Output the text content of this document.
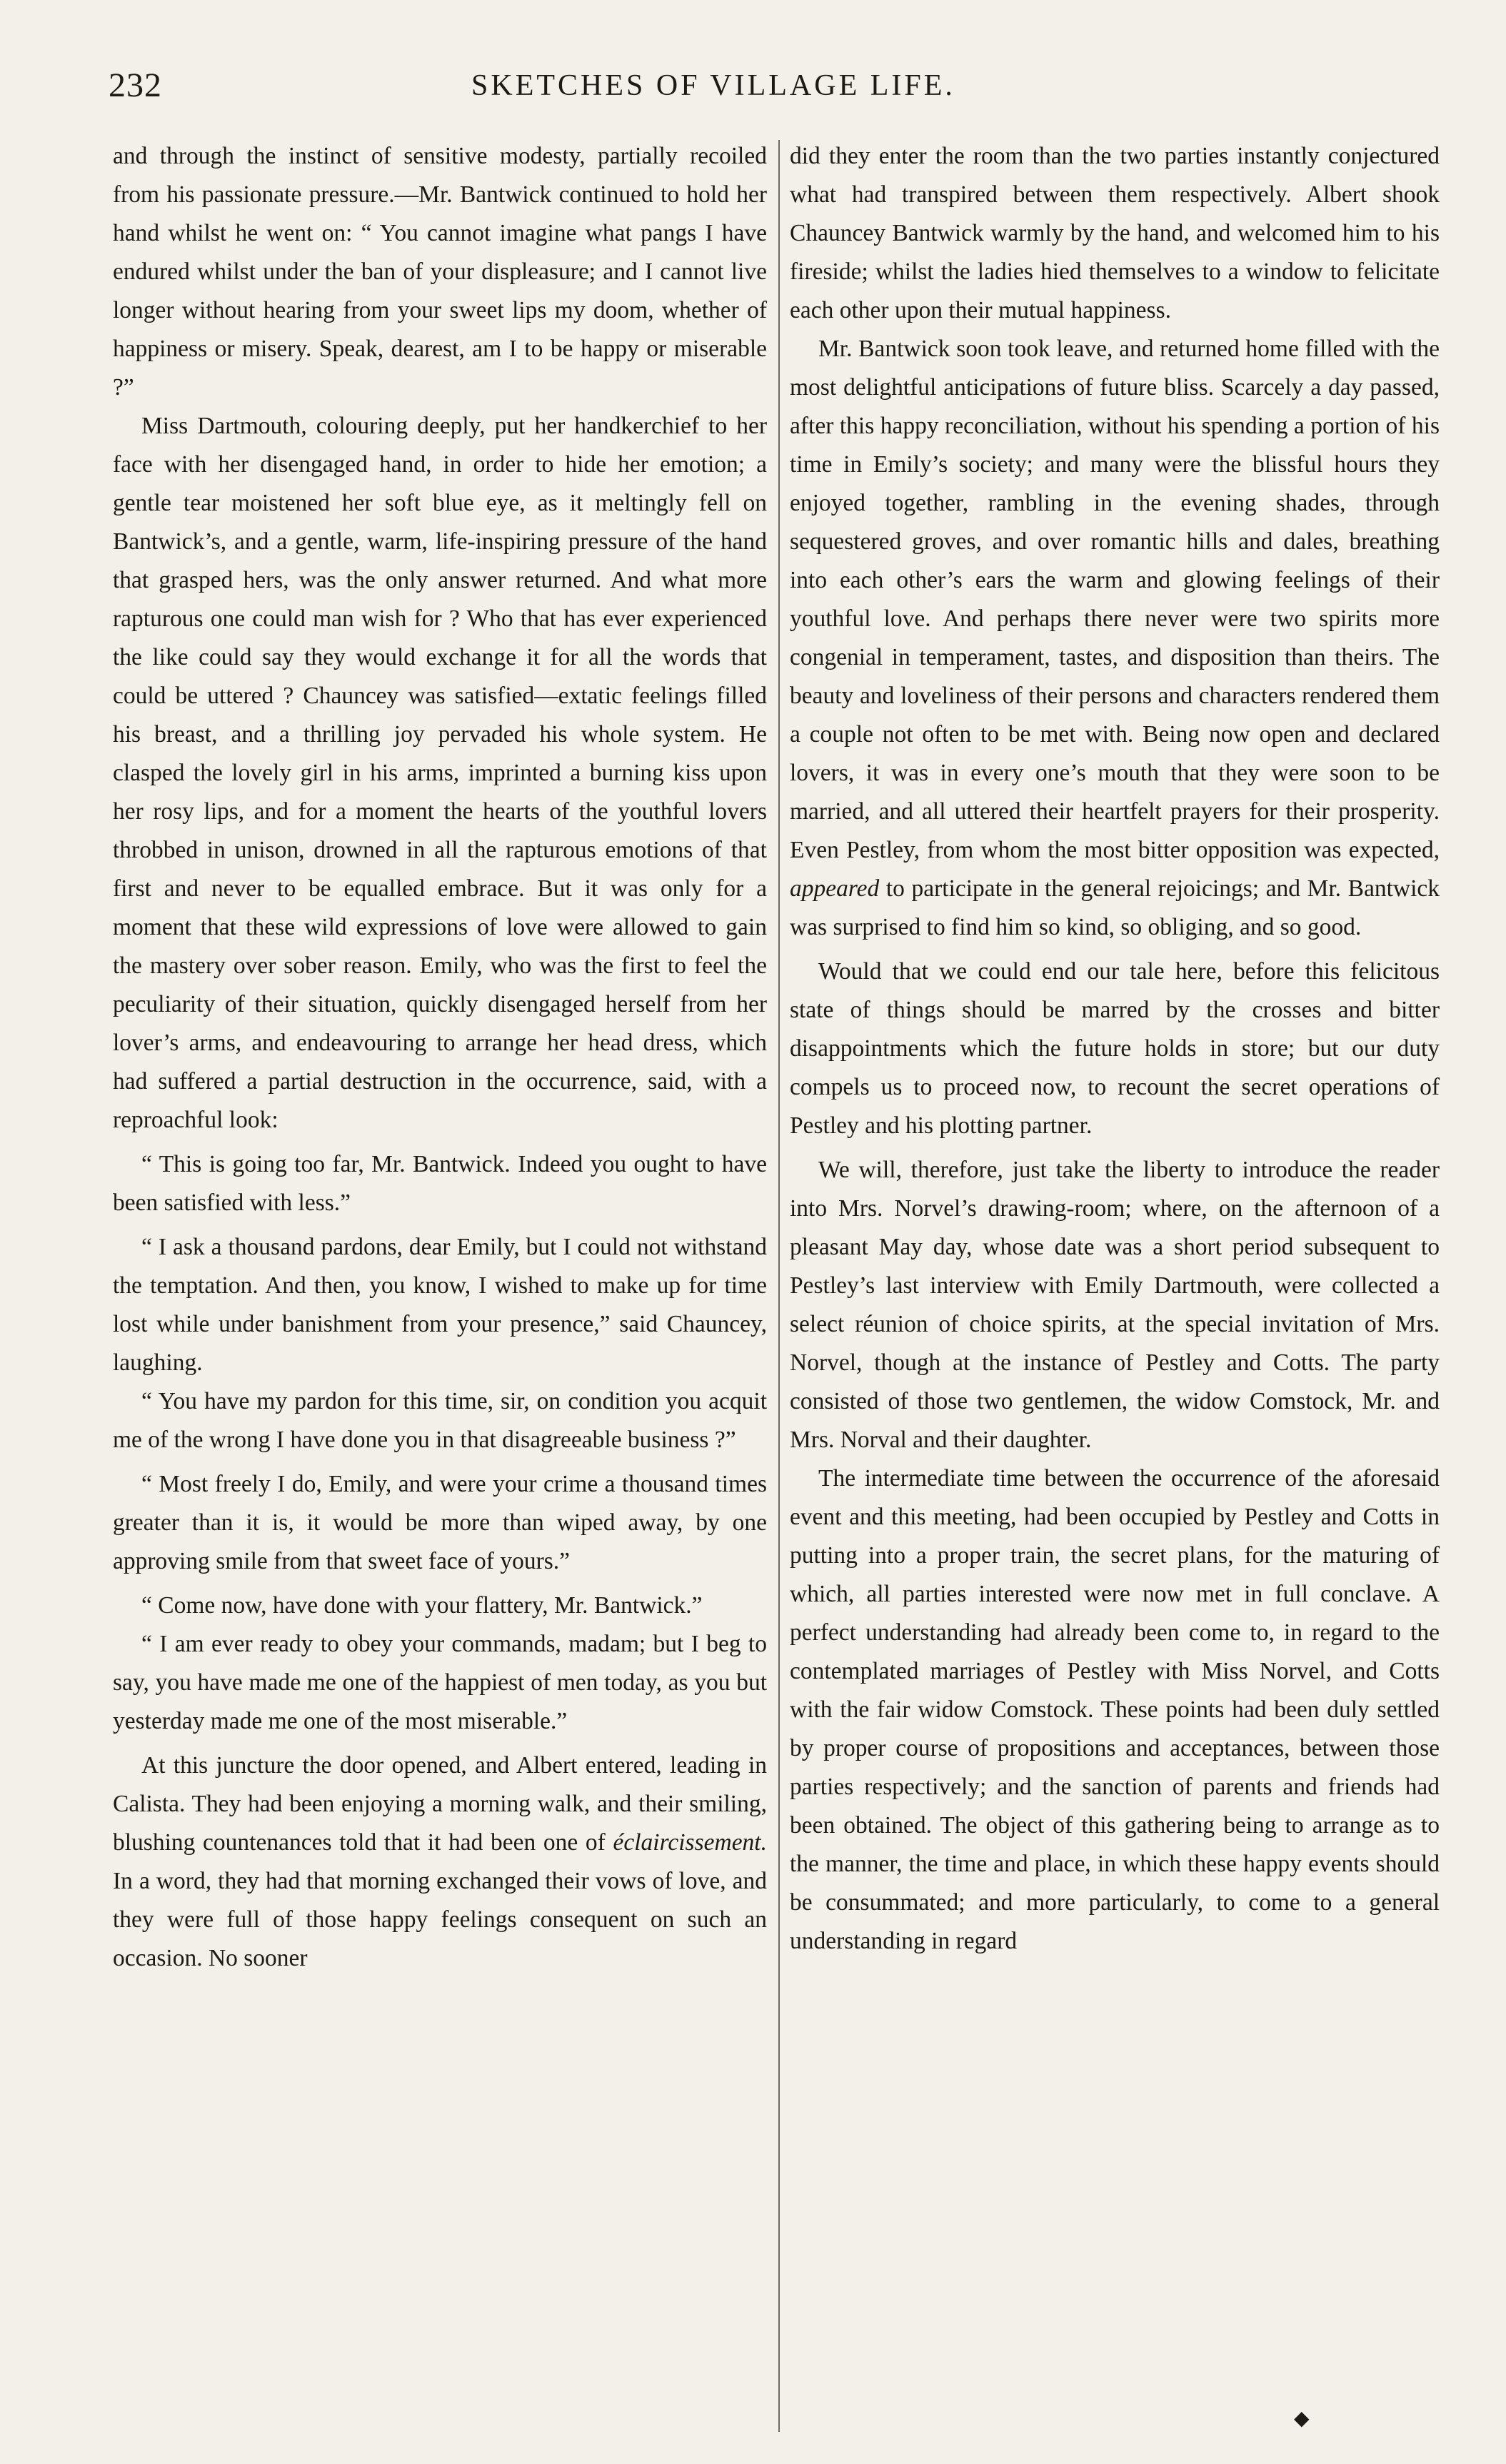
232	SKETCHES OF VILLAGE LIFE.

and through the instinct of sensitive modesty, partially recoiled from his passionate pressure.—Mr. Bantwick continued to hold her hand whilst he went on: “ You cannot imagine what pangs I have endured whilst under the ban of your displeasure; and I cannot live longer without hearing from your sweet lips my doom, whether of happiness or misery. Speak, dearest, am I to be happy or miserable ?”

Miss Dartmouth, colouring deeply, put her handkerchief to her face with her disengaged hand, in order to hide her emotion; a gentle tear moistened her soft blue eye, as it meltingly fell on Bantwick’s, and a gentle, warm, life-inspiring pressure of the hand that grasped hers, was the only answer returned. And what more rapturous one could man wish for ? Who that has ever experienced the like could say they would exchange it for all the words that could be uttered ? Chauncey was satisfied—extatic feelings filled his breast, and a thrilling joy pervaded his whole system. He clasped the lovely girl in his arms, imprinted a burning kiss upon her rosy lips, and for a moment the hearts of the youthful lovers throbbed in unison, drowned in all the rapturous emotions of that first and never to be equalled embrace. But it was only for a moment that these wild expressions of love were allowed to gain the mastery over sober reason. Emily, who was the first to feel the peculiarity of their situation, quickly disengaged herself from her lover’s arms, and endeavouring to arrange her head dress, which had suffered a partial destruction in the occurrence, said, with a reproachful look:

“ This is going too far, Mr. Bantwick. Indeed you ought to have been satisfied with less.”

“ I ask a thousand pardons, dear Emily, but I could not withstand the temptation. And then, you know, I wished to make up for time lost while under banishment from your presence,” said Chauncey, laughing.

“ You have my pardon for this time, sir, on condition you acquit me of the wrong I have done you in that disagreeable business ?”

“ Most freely I do, Emily, and were your crime a thousand times greater than it is, it would be more than wiped away, by one approving smile from that sweet face of yours.”

“ Come now, have done with your flattery, Mr. Bantwick.”

“ I am ever ready to obey your commands, madam; but I beg to say, you have made me one of the happiest of men today, as you but yesterday made me one of the most miserable.”

At this juncture the door opened, and Albert entered, leading in Calista. They had been enjoying a morning walk, and their smiling, blushing countenances told that it had been one of éclaircissement. In a word, they had that morning exchanged their vows of love, and they were full of those happy feelings consequent on such an occasion. No sooner

did they enter the room than the two parties instantly conjectured what had transpired between them respectively. Albert shook Chauncey Bantwick warmly by the hand, and welcomed him to his fireside; whilst the ladies hied themselves to a window to felicitate each other upon their mutual happiness.

Mr. Bantwick soon took leave, and returned home filled with the most delightful anticipations of future bliss. Scarcely a day passed, after this happy reconciliation, without his spending a portion of his time in Emily’s society; and many were the blissful hours they enjoyed together, rambling in the evening shades, through sequestered groves, and over romantic hills and dales, breathing into each other’s ears the warm and glowing feelings of their youthful love. And perhaps there never were two spirits more congenial in temperament, tastes, and disposition than theirs. The beauty and loveliness of their persons and characters rendered them a couple not often to be met with. Being now open and declared lovers, it was in every one’s mouth that they were soon to be married, and all uttered their heartfelt prayers for their prosperity. Even Pestley, from whom the most bitter opposition was expected, appeared to participate in the general rejoicings; and Mr. Bantwick was surprised to find him so kind, so obliging, and so good.

Would that we could end our tale here, before this felicitous state of things should be marred by the crosses and bitter disappointments which the future holds in store; but our duty compels us to proceed now, to recount the secret operations of Pestley and his plotting partner.

We will, therefore, just take the liberty to introduce the reader into Mrs. Norvel’s drawing-room; where, on the afternoon of a pleasant May day, whose date was a short period subsequent to Pestley’s last interview with Emily Dartmouth, were collected a select réunion of choice spirits, at the special invitation of Mrs. Norvel, though at the instance of Pestley and Cotts. The party consisted of those two gentlemen, the widow Comstock, Mr. and Mrs. Norval and their daughter.

The intermediate time between the occurrence of the aforesaid event and this meeting, had been occupied by Pestley and Cotts in putting into a proper train, the secret plans, for the maturing of which, all parties interested were now met in full conclave. A perfect understanding had already been come to, in regard to the contemplated marriages of Pestley with Miss Norvel, and Cotts with the fair widow Comstock. These points had been duly settled by proper course of propositions and acceptances, between those parties respectively; and the sanction of parents and friends had been obtained. The object of this gathering being to arrange as to the manner, the time and place, in which these happy events should be consummated; and more particularly, to come to a general understanding in regard

◆
